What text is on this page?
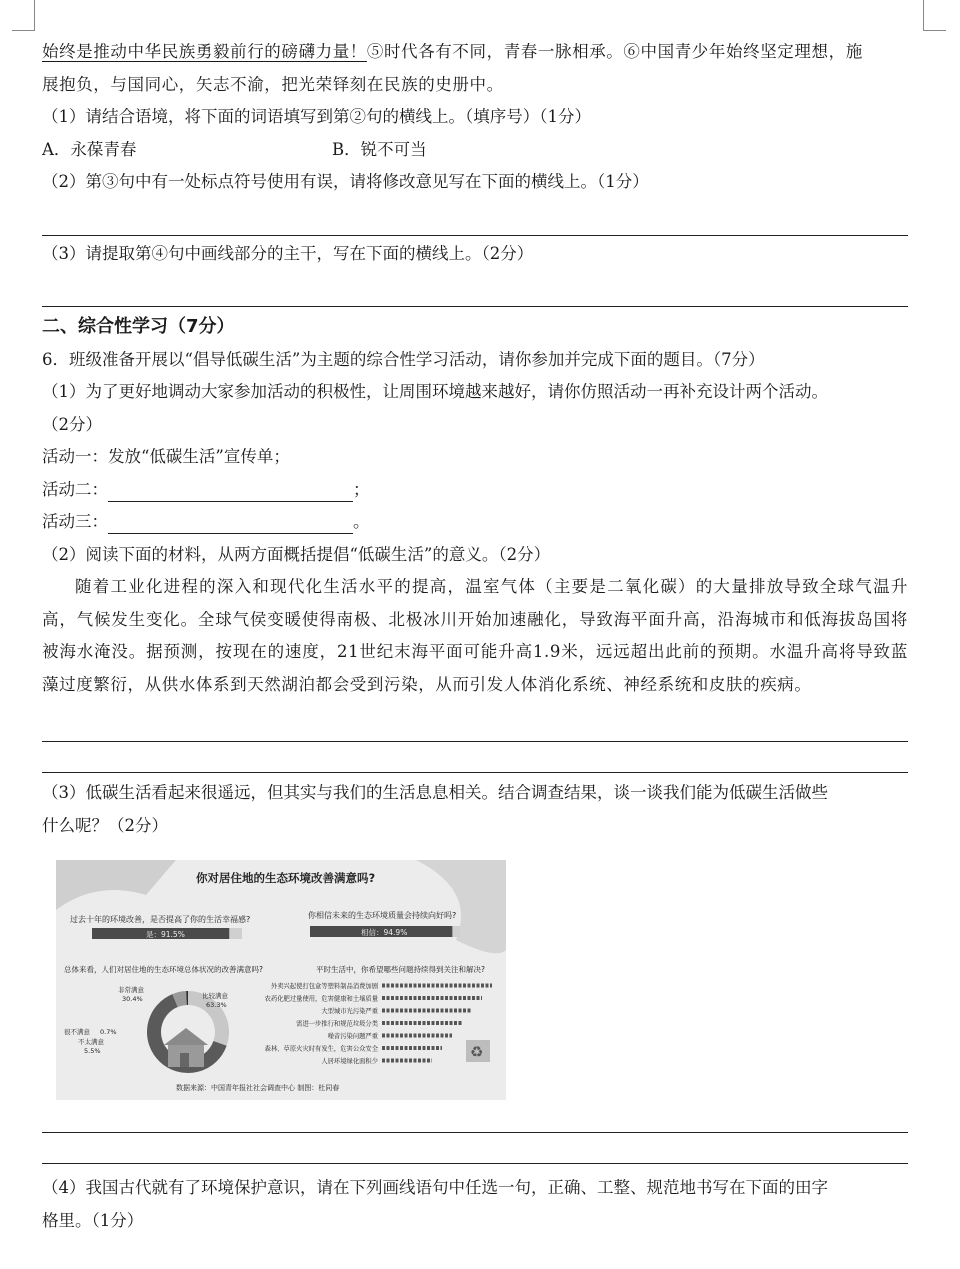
始终是推动中华民族勇毅前行的磅礴力量！⑤时代各有不同，青春一脉相承。⑥中国青少年始终坚定理想，施
展抱负，与国同心，矢志不渝，把光荣铎刻在民族的史册中。
（1）请结合语境，将下面的词语填写到第②句的横线上。（填序号）（1分）
A．永葆青春	B．锐不可当
（2）第③句中有一处标点符号使用有误，请将修改意见写在下面的横线上。（1分）
（3）请提取第④句中画线部分的主干，写在下面的横线上。（2分）
二、综合性学习（7分）
6．班级准备开展以“倡导低碳生活”为主题的综合性学习活动，请你参加并完成下面的题目。（7分）
（1）为了更好地调动大家参加活动的积极性，让周围环境越来越好，请你仿照活动一再补充设计两个活动。
（2分）
活动一：发放“低碳生活”宣传单；
活动二：	；
活动三：	。
（2）阅读下面的材料，从两方面概括提倡“低碳生活”的意义。（2分）
随着工业化进程的深入和现代化生活水平的提高，温室气体（主要是二氧化碳）的大量排放导致全球气温升高，气候发生变化。全球气侯变暖使得南极、北极冰川开始加速融化，导致海平面升高，沿海城市和低海拔岛国将被海水淹没。据预测，按现在的速度，21世纪末海平面可能升高1.9米，远远超出此前的预期。水温升高将导致蓝藻过度繁衍，从供水体系到天然湖泊都会受到污染，从而引发人体消化系统、神经系统和皮肤的疾病。
（3）低碳生活看起来很遥远，但其实与我们的生活息息相关。结合调查结果，谈一谈我们能为低碳生活做些
什么呢？（2分）
（4）我国古代就有了环境保护意识，请在下列画线语句中任选一句，正确、工整、规范地书写在下面的田字
格里。（1分）
你对居住地的生态环境改善满意吗?
过去十年的环境改善，是否提高了你的生活幸福感?
是：91.5%
你相信未来的生态环境质量会持续向好吗?
相信：94.9%
总体来看，人们对居住地的生态环境总体状况的改善满意吗?	平时生活中，你希望哪些问题持续得到关注和解决?
非常满意
30.4%	比较满意
63.3%
很不满意 0.7%
不太满意
5.5%
外卖兴起使打包盒等塑料制品消费加剧
农药化肥过量使用，危害健康和土壤质量
大型城市光污染严重
需进一步推行和规范垃圾分类
噪音污染问题严重
森林、草原火灾时有发生，危害公众安全
人居环境绿化面积少
♻
数据来源：中国青年报社社会调查中心 制图：杜同春
